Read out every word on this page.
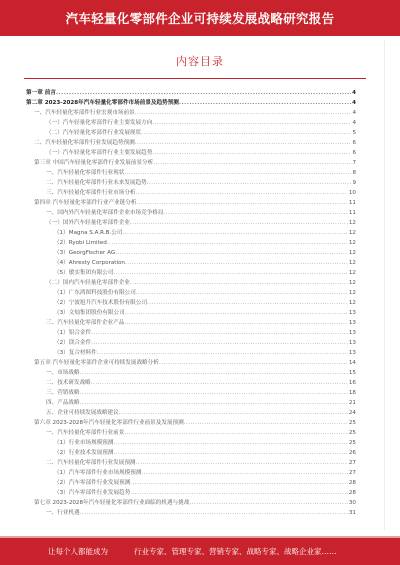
汽车轻量化零部件企业可持续发展战略研究报告
内容目录
第一章 前言 .....	4
第二章 2023-2028年汽车轻量化零部件市场前景及趋势预测 .....	4
一、汽车轻量化零部件行业宏观市场前景 .....	4
（一）汽车轻量化零部件行业主要发展方向 .....	4
（二）汽车轻量化零部件行业发展现状 .....	5
二、汽车轻量化零部件行业发展趋势预测 .....	6
（一）汽车轻量化零部件行业主要发展趋势 .....	6
第三章 中国汽车轻量化零部件行业发展前景分析 .....	7
一、汽车轻量化零部件行业现状 .....	8
二、汽车轻量化零部件行业未来发展趋势 .....	9
三、汽车轻量化零部件行业市场分析 .....	10
第四章 汽车轻量化零部件行业产业链分析 .....	11
一、国内外汽车轻量化零部件企业市场竞争格局 .....	11
（一）国外汽车轻量化零部件企业 .....	12
（1）Magna S.A.R.B.公司 .....	12
（2）Ryobi Limited .....	12
（3）GeorgFischer AG .....	12
（4）Ahresty Corporation .....	12
（5）敏实集团有限公司 .....	12
（二）国内汽车轻量化零部件企业 .....	12
（1）广东鸿图科技股份有限公司 .....	12
（2）宁波旭升汽车技术股份有限公司 .....	12
（3）文灿集团股份有限公司 .....	13
三、汽车轻量化零部件企业产品 .....	13
（1）铝合金件 .....	13
（2）镁合金件 .....	13
（3）复合材料件 .....	13
第五章 汽车轻量化零部件企业可持续发展战略分析 .....	14
一、市场战略 .....	15
二、技术研发战略 .....	16
三、营销战略 .....	18
四、产品战略 .....	21
五、企业可持续发展战略建议 .....	24
第六章 2023-2028年汽车轻量化零部件行业前景及发展预测 .....	25
一、汽车轻量化零部件行业前景 .....	25
（1）行业市场规模预测 .....	25
（2）行业技术发展预测 .....	26
二、汽车轻量化零部件行业发展预测 .....	27
（1）汽车零部件行业市场规模预测 .....	27
（2）汽车零部件行业发展预测 .....	28
（3）汽车零部件行业发展趋势 .....	28
第七章 2023-2028年汽车轻量化零部件行业面临的机遇与挑战 .....	30
一、行业机遇 .....	31
让每个人都能成为	行业专家、管理专家、营销专家、战略专家、战略企业家……
